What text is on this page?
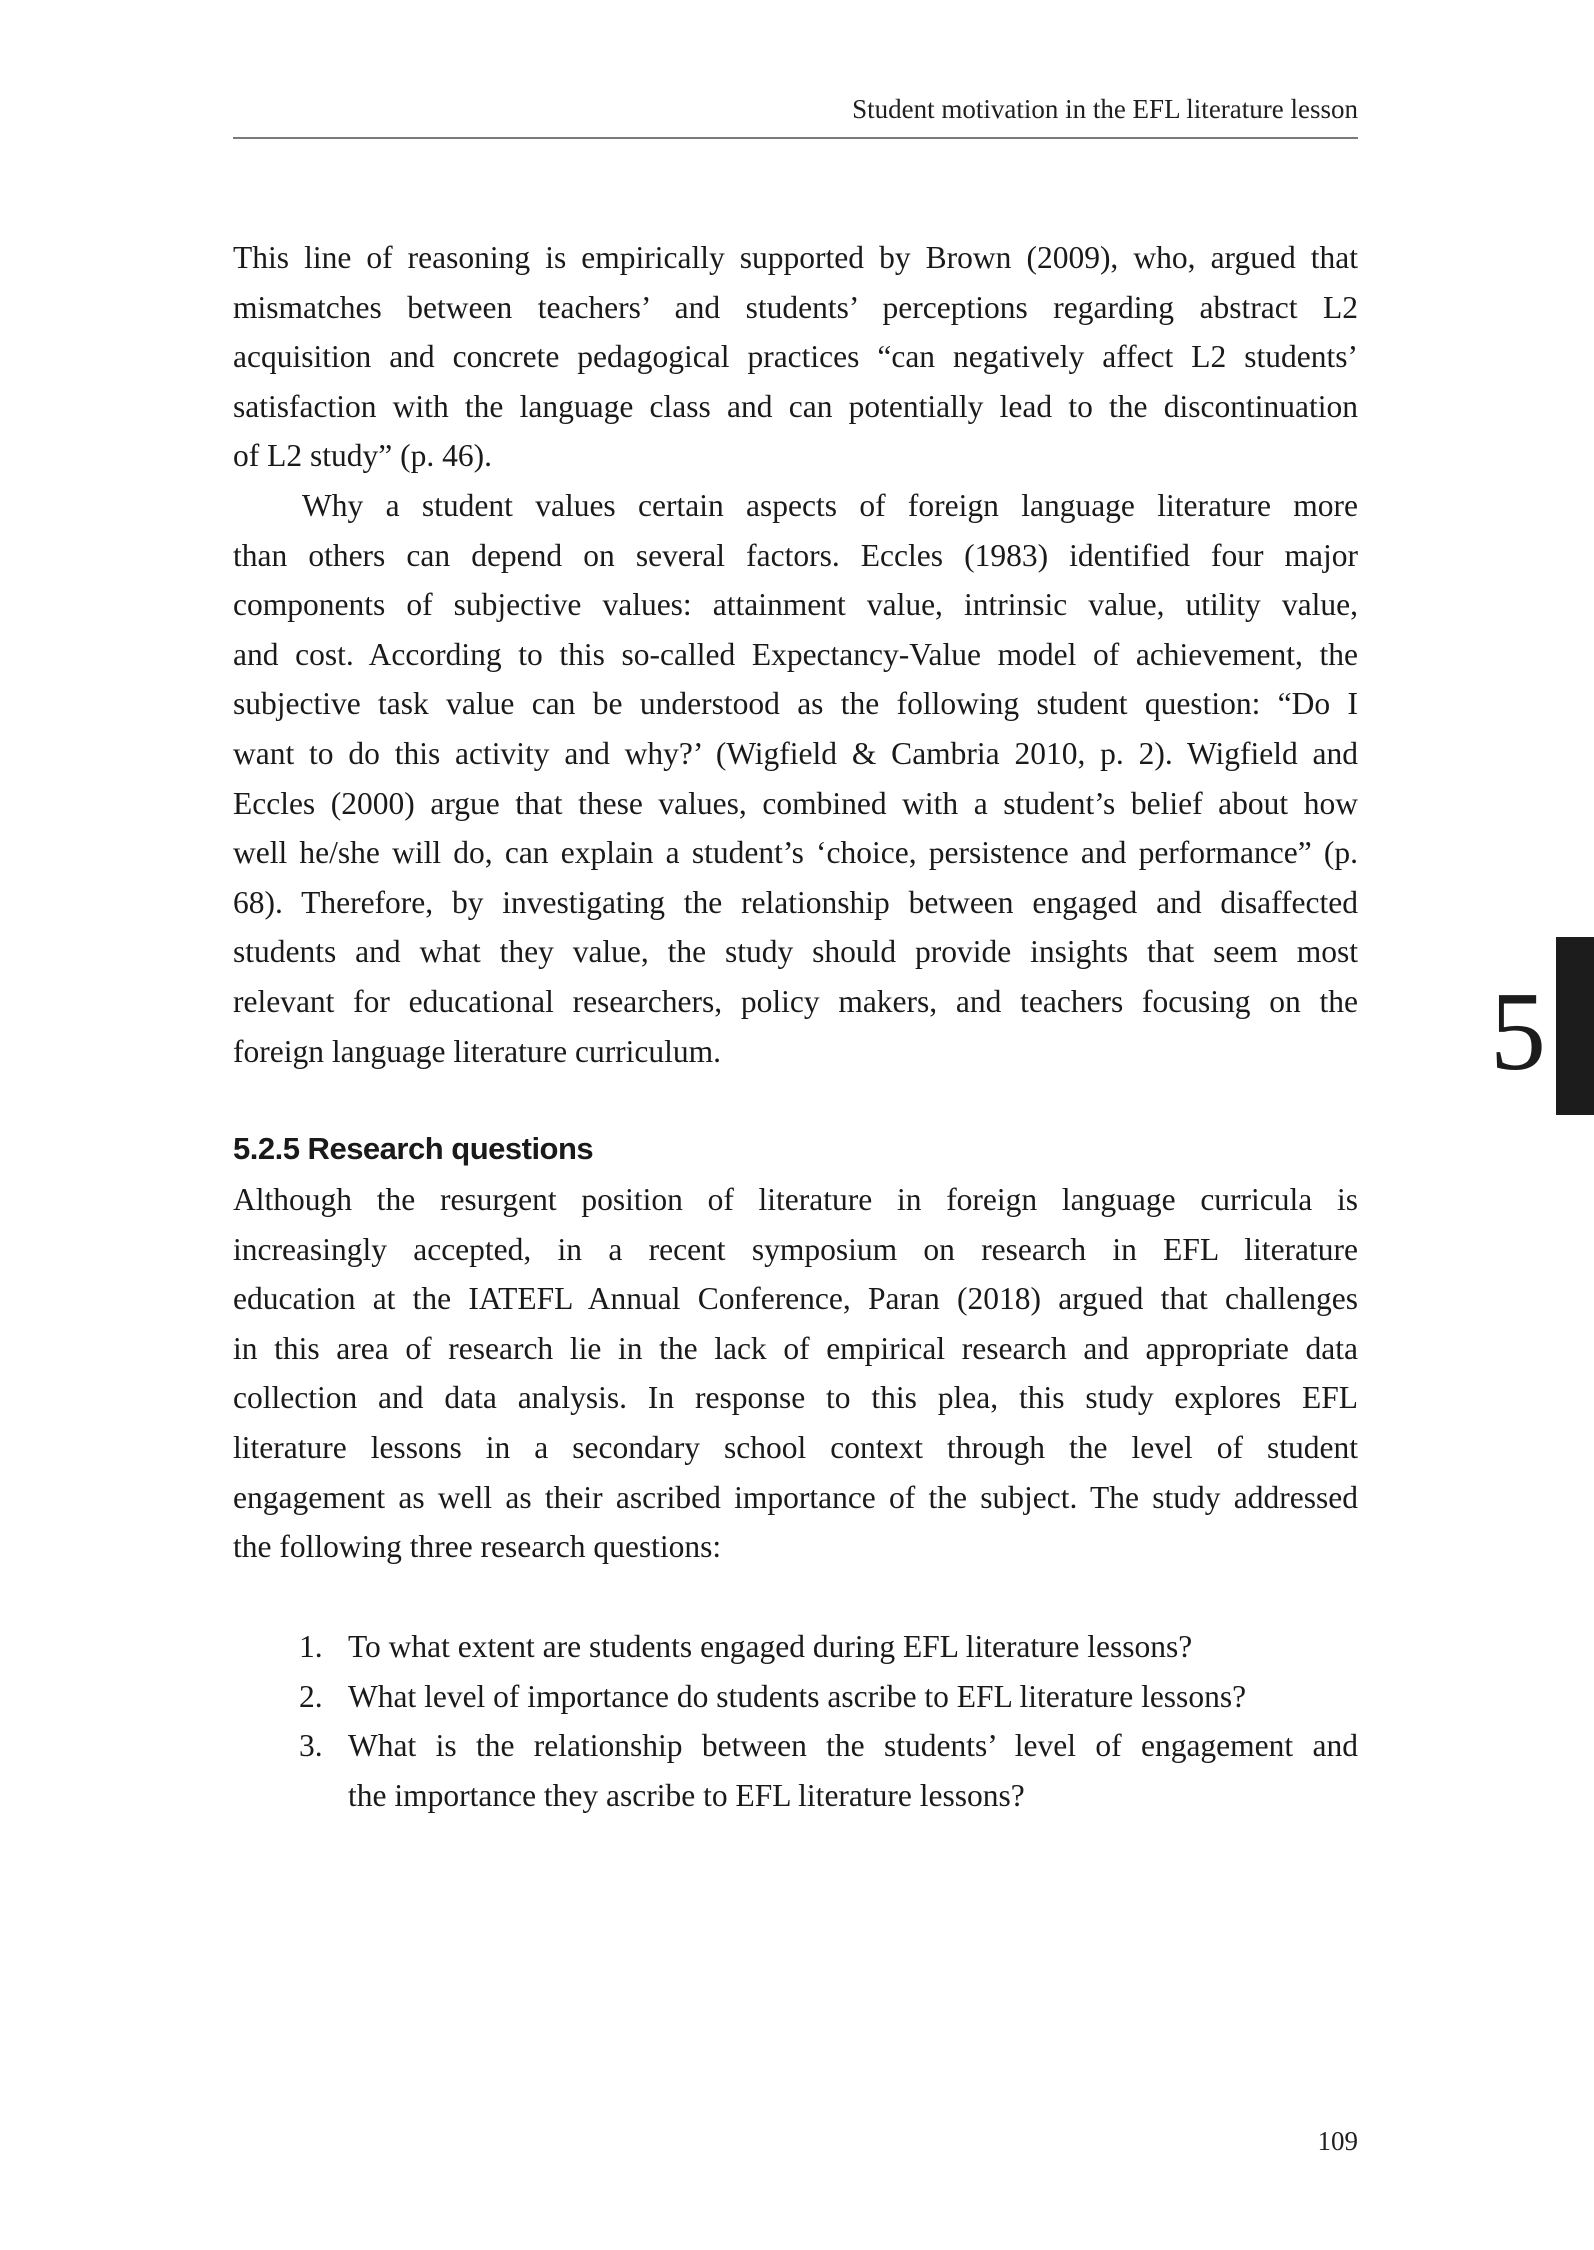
Student motivation in the EFL literature lesson
This line of reasoning is empirically supported by Brown (2009), who, argued that
mismatches between teachers’ and students’ perceptions regarding abstract L2
acquisition and concrete pedagogical practices “can negatively affect L2 students’
satisfaction with the language class and can potentially lead to the discontinuation
of L2 study” (p. 46).
Why a student values certain aspects of foreign language literature more
than others can depend on several factors. Eccles (1983) identified four major
components of subjective values: attainment value, intrinsic value, utility value,
and cost. According to this so-called Expectancy-Value model of achievement, the
subjective task value can be understood as the following student question: “Do I
want to do this activity and why?’ (Wigfield & Cambria 2010, p. 2). Wigfield and
Eccles (2000) argue that these values, combined with a student’s belief about how
well he/she will do, can explain a student’s ‘choice, persistence and performance” (p.
68). Therefore, by investigating the relationship between engaged and disaffected
students and what they value, the study should provide insights that seem most
relevant for educational researchers, policy makers, and teachers focusing on the
foreign language literature curriculum.
5.2.5 Research questions
Although the resurgent position of literature in foreign language curricula is
increasingly accepted, in a recent symposium on research in EFL literature
education at the IATEFL Annual Conference, Paran (2018) argued that challenges
in this area of research lie in the lack of empirical research and appropriate data
collection and data analysis. In response to this plea, this study explores EFL
literature lessons in a secondary school context through the level of student
engagement as well as their ascribed importance of the subject. The study addressed
the following three research questions:
1. To what extent are students engaged during EFL literature lessons?
2. What level of importance do students ascribe to EFL literature lessons?
3. What is the relationship between the students’ level of engagement and
the importance they ascribe to EFL literature lessons?
5
109
